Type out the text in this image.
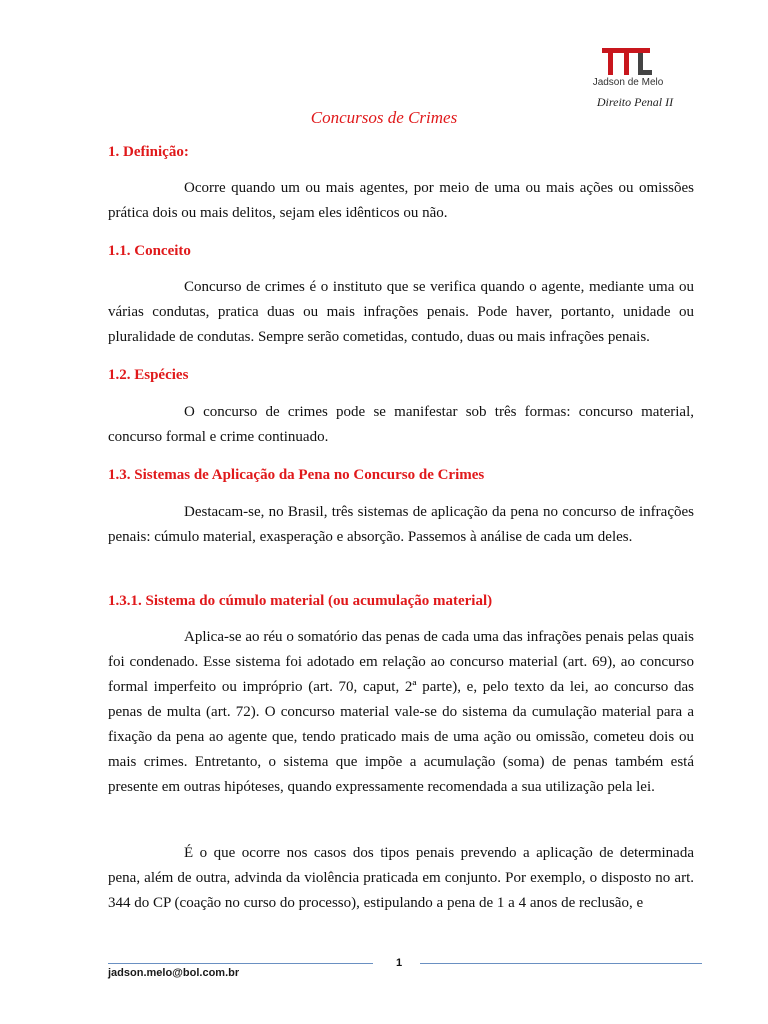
Jadson de Melo
Direito Penal II
Concursos de Crimes
1. Definição:
Ocorre quando um ou mais agentes, por meio de uma ou mais ações ou omissões prática dois ou mais delitos, sejam eles idênticos ou não.
1.1. Conceito
Concurso de crimes é o instituto que se verifica quando o agente, mediante uma ou várias condutas, pratica duas ou mais infrações penais. Pode haver, portanto, unidade ou pluralidade de condutas. Sempre serão cometidas, contudo, duas ou mais infrações penais.
1.2. Espécies
O concurso de crimes pode se manifestar sob três formas: concurso material, concurso formal e crime continuado.
1.3. Sistemas de Aplicação da Pena no Concurso de Crimes
Destacam-se, no Brasil, três sistemas de aplicação da pena no concurso de infrações penais: cúmulo material, exasperação e absorção. Passemos à análise de cada um deles.
1.3.1. Sistema do cúmulo material (ou acumulação material)
Aplica-se ao réu o somatório das penas de cada uma das infrações penais pelas quais foi condenado. Esse sistema foi adotado em relação ao concurso material (art. 69), ao concurso formal imperfeito ou impróprio (art. 70, caput, 2ª parte), e, pelo texto da lei, ao concurso das penas de multa (art. 72). O concurso material vale-se do sistema da cumulação material para a fixação da pena ao agente que, tendo praticado mais de uma ação ou omissão, cometeu dois ou mais crimes. Entretanto, o sistema que impõe a acumulação (soma) de penas também está presente em outras hipóteses, quando expressamente recomendada a sua utilização pela lei.
É o que ocorre nos casos dos tipos penais prevendo a aplicação de determinada pena, além de outra, advinda da violência praticada em conjunto. Por exemplo, o disposto no art. 344 do CP (coação no curso do processo), estipulando a pena de 1 a 4 anos de reclusão, e
1
jadson.melo@bol.com.br
